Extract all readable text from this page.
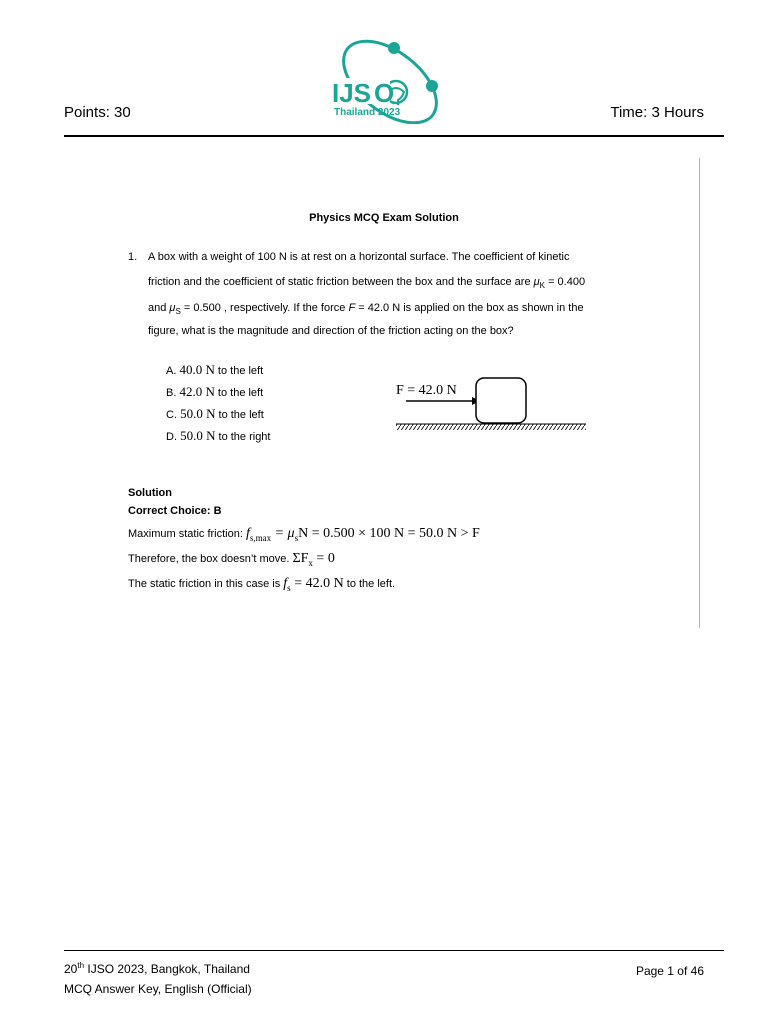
Points: 30	Time: 3 Hours
IJS O
Thailand 2023
Physics MCQ Exam Solution
1. A box with a weight of 100 N is at rest on a horizontal surface. The coefficient of kinetic
friction and the coefficient of static friction between the box and the surface are $\mu_K = 0.400$
and $\mu_S = 0.500$ , respectively. If the force F = 42.0 N is applied on the box as shown in the
figure, what is the magnitude and direction of the friction acting on the box?
A. 40.0 N to the left
B. 42.0 N to the left
C. 50.0 N to the left
D. 50.0 N to the right
F = 42.0 N
Solution
Correct Choice: B
Maximum static friction: $f_{s,max} = \mu_sN = 0.500 \times 100$ N = 50.0 N > F
Therefore, the box doesn’t move. $\Sigma F_x = 0$
The static friction in this case is $f_s = 42.0$ N to the left.
20th IJSO 2023, Bangkok, Thailand
MCQ Answer Key, English (Official)
Page 1 of 46
